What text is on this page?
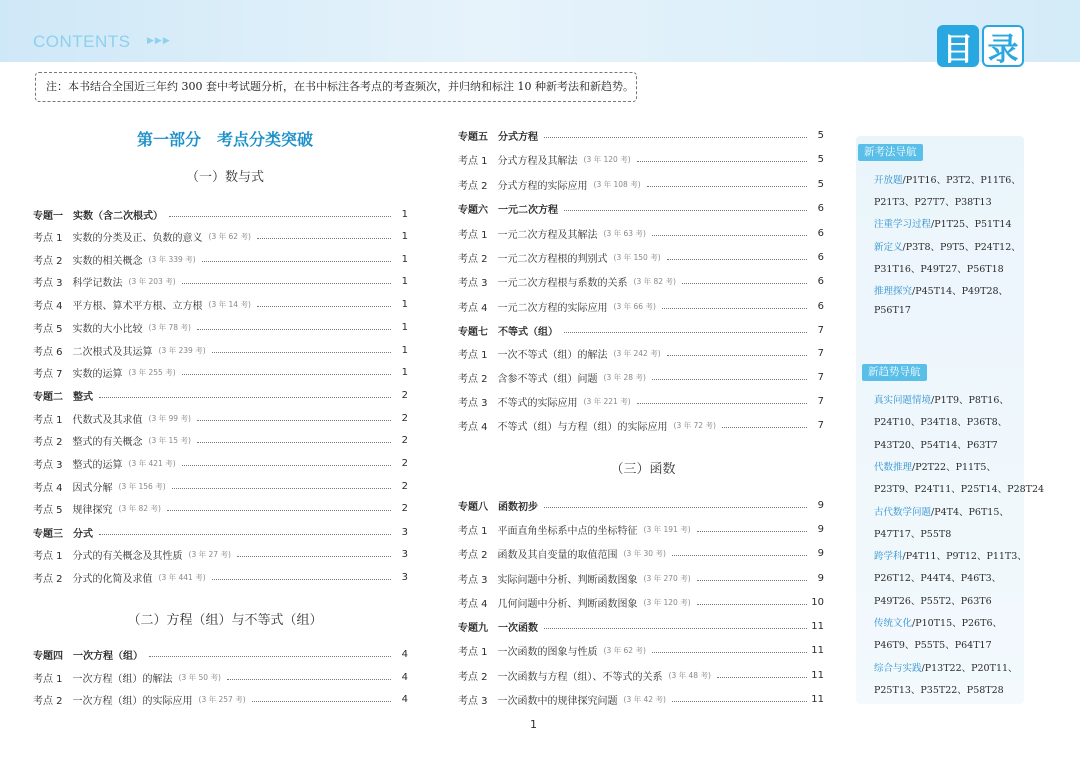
CONTENTS ▶▶▶	目 录
注：本书结合全国近三年约 300 套中考试题分析，在书中标注各考点的考查频次，并归纳和标注 10 种新考法和新趋势。
第一部分　考点分类突破
（一）数与式
（二）方程（组）与不等式（组）
（三）函数
专题一 实数（含二次根式）	1
考点 1 实数的分类及正、负数的意义 (3 年 62 考)	1
考点 2 实数的相关概念 (3 年 339 考)	1
考点 3 科学记数法 (3 年 203 考)	1
考点 4 平方根、算术平方根、立方根 (3 年 14 考)	1
考点 5 实数的大小比较 (3 年 78 考)	1
考点 6 二次根式及其运算 (3 年 239 考)	1
考点 7 实数的运算 (3 年 255 考)	1
专题二 整式	2
考点 1 代数式及其求值 (3 年 99 考)	2
考点 2 整式的有关概念 (3 年 15 考)	2
考点 3 整式的运算 (3 年 421 考)	2
考点 4 因式分解 (3 年 156 考)	2
考点 5 规律探究 (3 年 82 考)	2
专题三 分式	3
考点 1 分式的有关概念及其性质 (3 年 27 考)	3
考点 2 分式的化简及求值 (3 年 441 考)	3
专题四 一次方程（组）	4
考点 1 一次方程（组）的解法 (3 年 50 考)	4
考点 2 一次方程（组）的实际应用 (3 年 257 考)	4
专题五 分式方程	5
考点 1 分式方程及其解法 (3 年 120 考)	5
考点 2 分式方程的实际应用 (3 年 108 考)	5
专题六 一元二次方程	6
考点 1 一元二次方程及其解法 (3 年 63 考)	6
考点 2 一元二次方程根的判别式 (3 年 150 考)	6
考点 3 一元二次方程根与系数的关系 (3 年 82 考)	6
考点 4 一元二次方程的实际应用 (3 年 66 考)	6
专题七 不等式（组）	7
考点 1 一次不等式（组）的解法 (3 年 242 考)	7
考点 2 含参不等式（组）问题 (3 年 28 考)	7
考点 3 不等式的实际应用 (3 年 221 考)	7
考点 4 不等式（组）与方程（组）的实际应用 (3 年 72 考)	7
专题八 函数初步	9
考点 1 平面直角坐标系中点的坐标特征 (3 年 191 考)	9
考点 2 函数及其自变量的取值范围 (3 年 30 考)	9
考点 3 实际问题中分析、判断函数图象 (3 年 270 考)	9
考点 4 几何问题中分析、判断函数图象 (3 年 120 考)	10
专题九 一次函数	11
考点 1 一次函数的图象与性质 (3 年 62 考)	11
考点 2 一次函数与方程（组）、不等式的关系 (3 年 48 考)	11
考点 3 一次函数中的规律探究问题 (3 年 42 考)	11
1
新考法导航
开放题/P1T16、P3T2、P11T6、
P21T3、P27T7、P38T13
注重学习过程/P1T25、P51T14
新定义/P3T8、P9T5、P24T12、
P31T16、P49T27、P56T18
推理探究/P45T14、P49T28、
P56T17
新趋势导航
真实问题情境/P1T9、P8T16、
P24T10、P34T18、P36T8、
P43T20、P54T14、P63T7
代数推理/P2T22、P11T5、
P23T9、P24T11、P25T14、P28T24
古代数学问题/P4T4、P6T15、
P47T17、P55T8
跨学科/P4T11、P9T12、P11T3、
P26T12、P44T4、P46T3、
P49T26、P55T2、P63T6
传统文化/P10T15、P26T6、
P46T9、P55T5、P64T17
综合与实践/P13T22、P20T11、
P25T13、P35T22、P58T28
